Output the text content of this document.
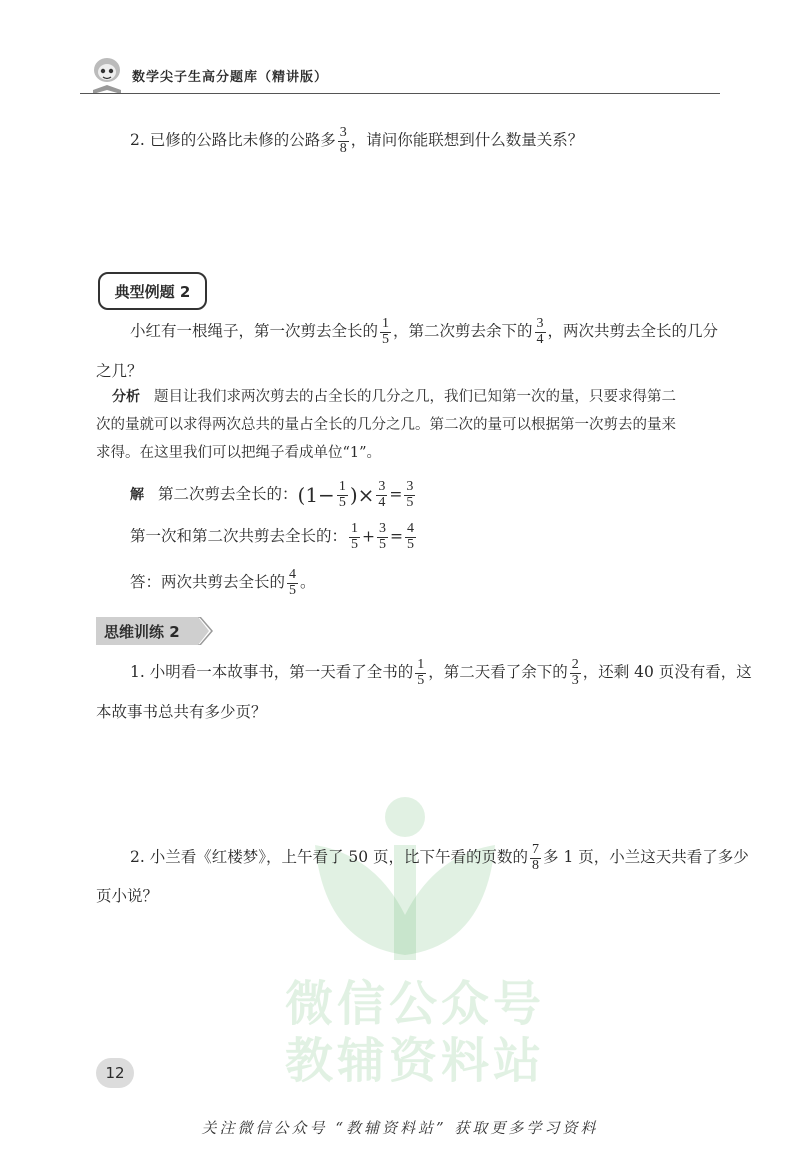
数学尖子生高分题库（精讲版）
微信公众号
教辅资料站
2. 已修的公路比未修的公路多 $\frac{3}{8}$ ，请问你能联想到什么数量关系？
典型例题 2
小红有一根绳子，第一次剪去全长的 $\frac{1}{5}$ ，第二次剪去余下的 $\frac{3}{4}$ ，两次共剪去全长的几分
之几？
分析 题目让我们求两次剪去的占全长的几分之几，我们已知第一次的量，只要求得第二
次的量就可以求得两次总共的量占全长的几分之几。第二次的量可以根据第一次剪去的量来
求得。在这里我们可以把绳子看成单位“1”。
解 第二次剪去全长的：($1- \frac{1}{5}$ )× $\frac{3}{4} = \frac{3}{5}$
第一次和第二次共剪去全长的： $\frac{1}{5} + \frac{3}{5} = \frac{4}{5}$
答：两次共剪去全长的 $\frac{4}{5}$ 。
思维训练 2
1. 小明看一本故事书，第一天看了全书的 $\frac{1}{5}$ ，第二天看了余下的 $\frac{2}{3}$ ，还剩 40 页没有看，这
本故事书总共有多少页？
2. 小兰看《红楼梦》，上午看了 50 页，比下午看的页数的 $\frac{7}{8}$ 多 1 页，小兰这天共看了多少
页小说？
12
关注微信公众号 “教辅资料站” 获取更多学习资料
